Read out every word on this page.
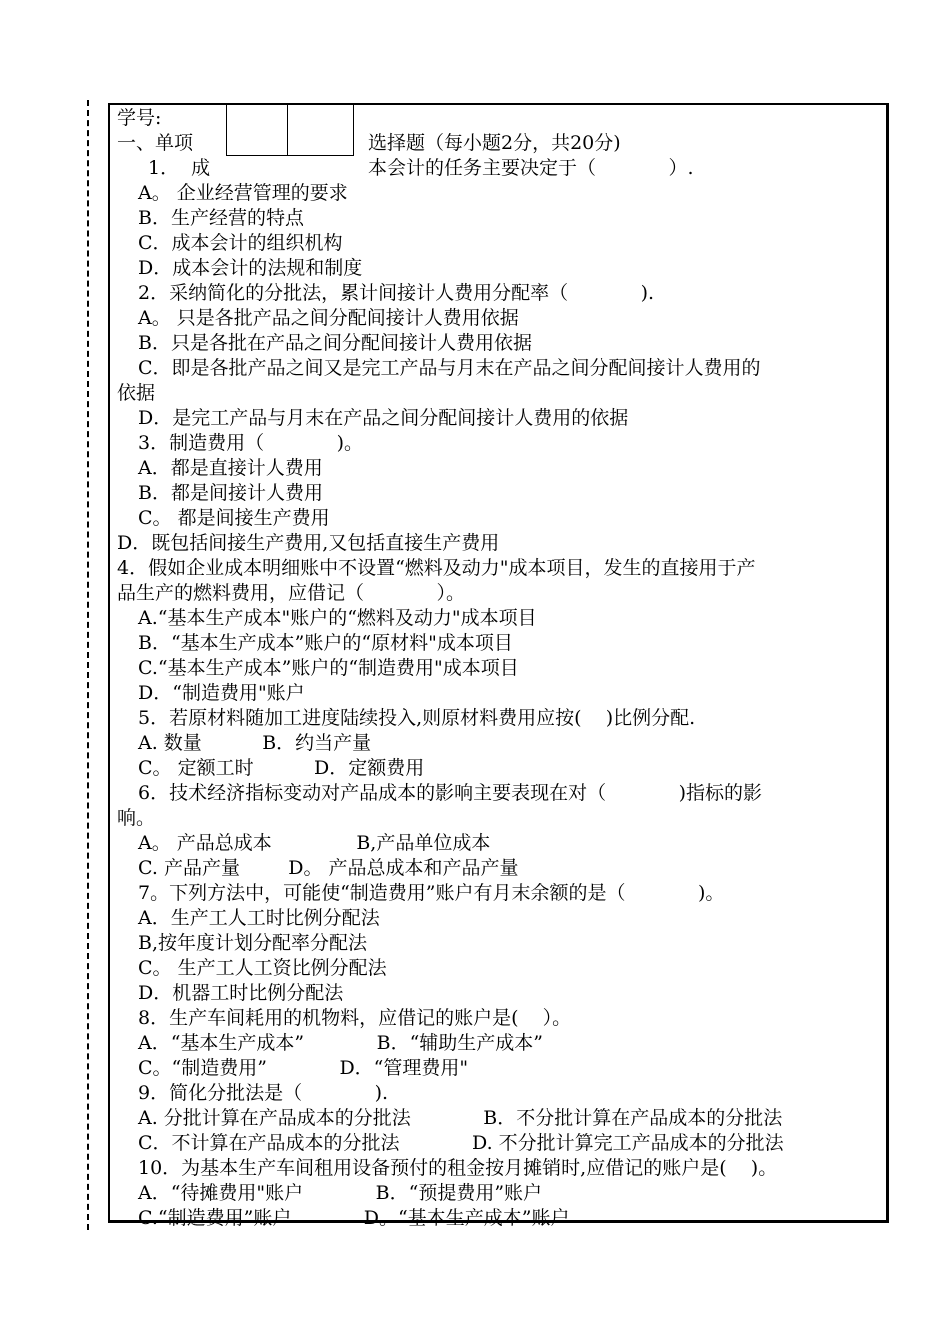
学号:
一、单项	选择题（每小题2分，共20分)
1．  成	本会计的任务主要决定于（            ）.
A。 企业经营管理的要求
B．生产经营的特点
C．成本会计的组织机构
D．成本会计的法规和制度
2．采纳简化的分批法，累计间接计人费用分配率（            ).
A。 只是各批产品之间分配间接计人费用依据
B．只是各批在产品之间分配间接计人费用依据
C．即是各批产品之间又是完工产品与月末在产品之间分配间接计人费用的
依据
D．是完工产品与月末在产品之间分配间接计人费用的依据
3．制造费用（            )。
A．都是直接计人费用
B．都是间接计人费用
C。 都是间接生产费用
D．既包括间接生产费用,又包括直接生产费用
4．假如企业成本明细账中不设置“燃料及动力"成本项目，发生的直接用于产
品生产的燃料费用，应借记（            ）。
A.“基本生产成本"账户的“燃料及动力"成本项目
B．“基本生产成本”账户的“原材料"成本项目
C.“基本生产成本”账户的“制造费用"成本项目
D．“制造费用"账户
5．若原材料随加工进度陆续投入,则原材料费用应按(    )比例分配.
A. 数量          B．约当产量
C。 定额工时          D．定额费用
6．技术经济指标变动对产品成本的影响主要表现在对（            )指标的影
响。
A。 产品总成本              B,产品单位成本
C. 产品产量        D。 产品总成本和产品产量
7。下列方法中，可能使“制造费用”账户有月末余额的是（            )。
A．生产工人工时比例分配法
B,按年度计划分配率分配法
C。 生产工人工资比例分配法
D．机器工时比例分配法
8．生产车间耗用的机物料，应借记的账户是(    ）。
A．“基本生产成本”            B．“辅助生产成本”
C。“制造费用”            D．“管理费用"
9．简化分批法是（            ).
A. 分批计算在产品成本的分批法            B．不分批计算在产品成本的分批法
C．不计算在产品成本的分批法            D. 不分批计算完工产品成本的分批法
10．为基本生产车间租用设备预付的租金按月摊销时,应借记的账户是(    )。
A．“待摊费用"账户            B．“预提费用”账户
C.“制造费用”账户            D。“基本生产成本”账户
